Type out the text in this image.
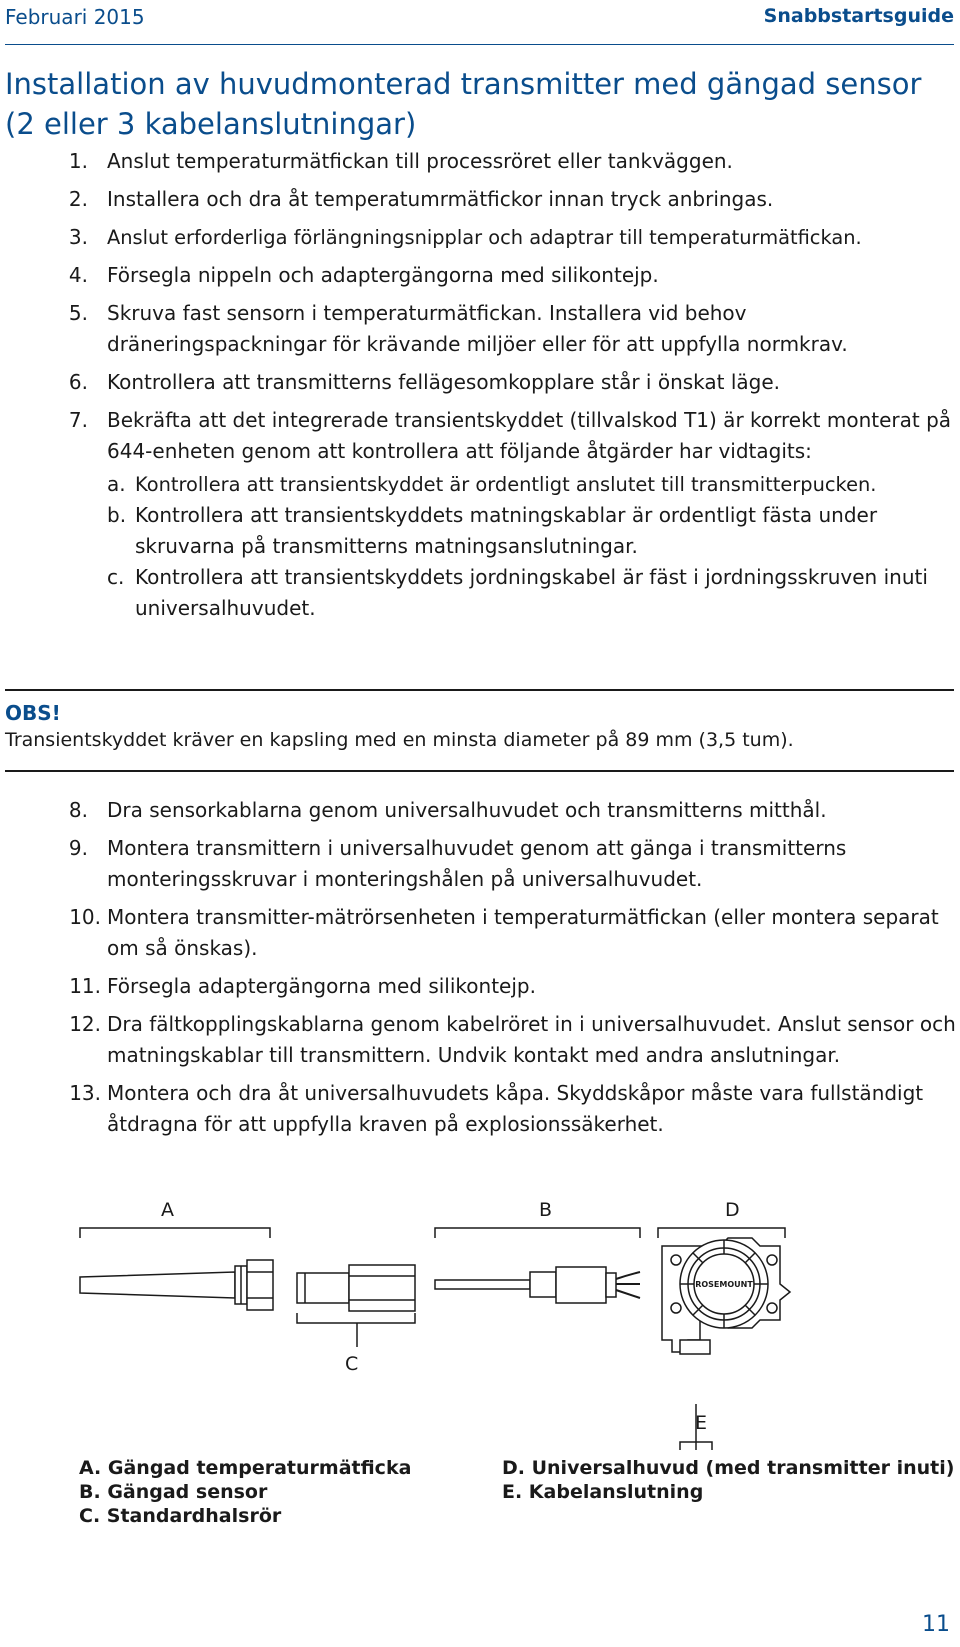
Februari 2015	Snabbstartsguide
Installation av huvudmonterad transmitter med gängad sensor (2 eller 3 kabelanslutningar)
1. Anslut temperaturmätfickan till processröret eller tankväggen.
2. Installera och dra åt temperatumrmätfickor innan tryck anbringas.
3. Anslut erforderliga förlängningsnipplar och adaptrar till temperaturmätfickan.
4. Försegla nippeln och adaptergängorna med silikontejp.
5. Skruva fast sensorn i temperaturmätfickan. Installera vid behov dräneringspackningar för krävande miljöer eller för att uppfylla normkrav.
6. Kontrollera att transmitterns fellägesomkopplare står i önskat läge.
7. Bekräfta att det integrerade transientskyddet (tillvalskod T1) är korrekt monterat på 644-enheten genom att kontrollera att följande åtgärder har vidtagits:
a. Kontrollera att transientskyddet är ordentligt anslutet till transmitterpucken.
b. Kontrollera att transientskyddets matningskablar är ordentligt fästa under skruvarna på transmitterns matningsanslutningar.
c. Kontrollera att transientskyddets jordningskabel är fäst i jordningsskruven inuti universalhuvudet.
OBS!
Transientskyddet kräver en kapsling med en minsta diameter på 89 mm (3,5 tum).
8. Dra sensorkablarna genom universalhuvudet och transmitterns mitthål.
9. Montera transmittern i universalhuvudet genom att gänga i transmitterns monteringsskruvar i monteringshålen på universalhuvudet.
10. Montera transmitter-mätrörsenheten i temperaturmätfickan (eller montera separat om så önskas).
11. Försegla adaptergängorna med silikontejp.
12. Dra fältkopplingskablarna genom kabelröret in i universalhuvudet. Anslut sensor och matningskablar till transmittern. Undvik kontakt med andra anslutningar.
13. Montera och dra åt universalhuvudets kåpa. Skyddskåpor måste vara fullständigt åtdragna för att uppfylla kraven på explosionssäkerhet.
A	B	D
C
E
ROSEMOUNT
A. Gängad temperaturmätficka
B. Gängad sensor
C. Standardhalsrör
D. Universalhuvud (med transmitter inuti)
E. Kabelanslutning
11
